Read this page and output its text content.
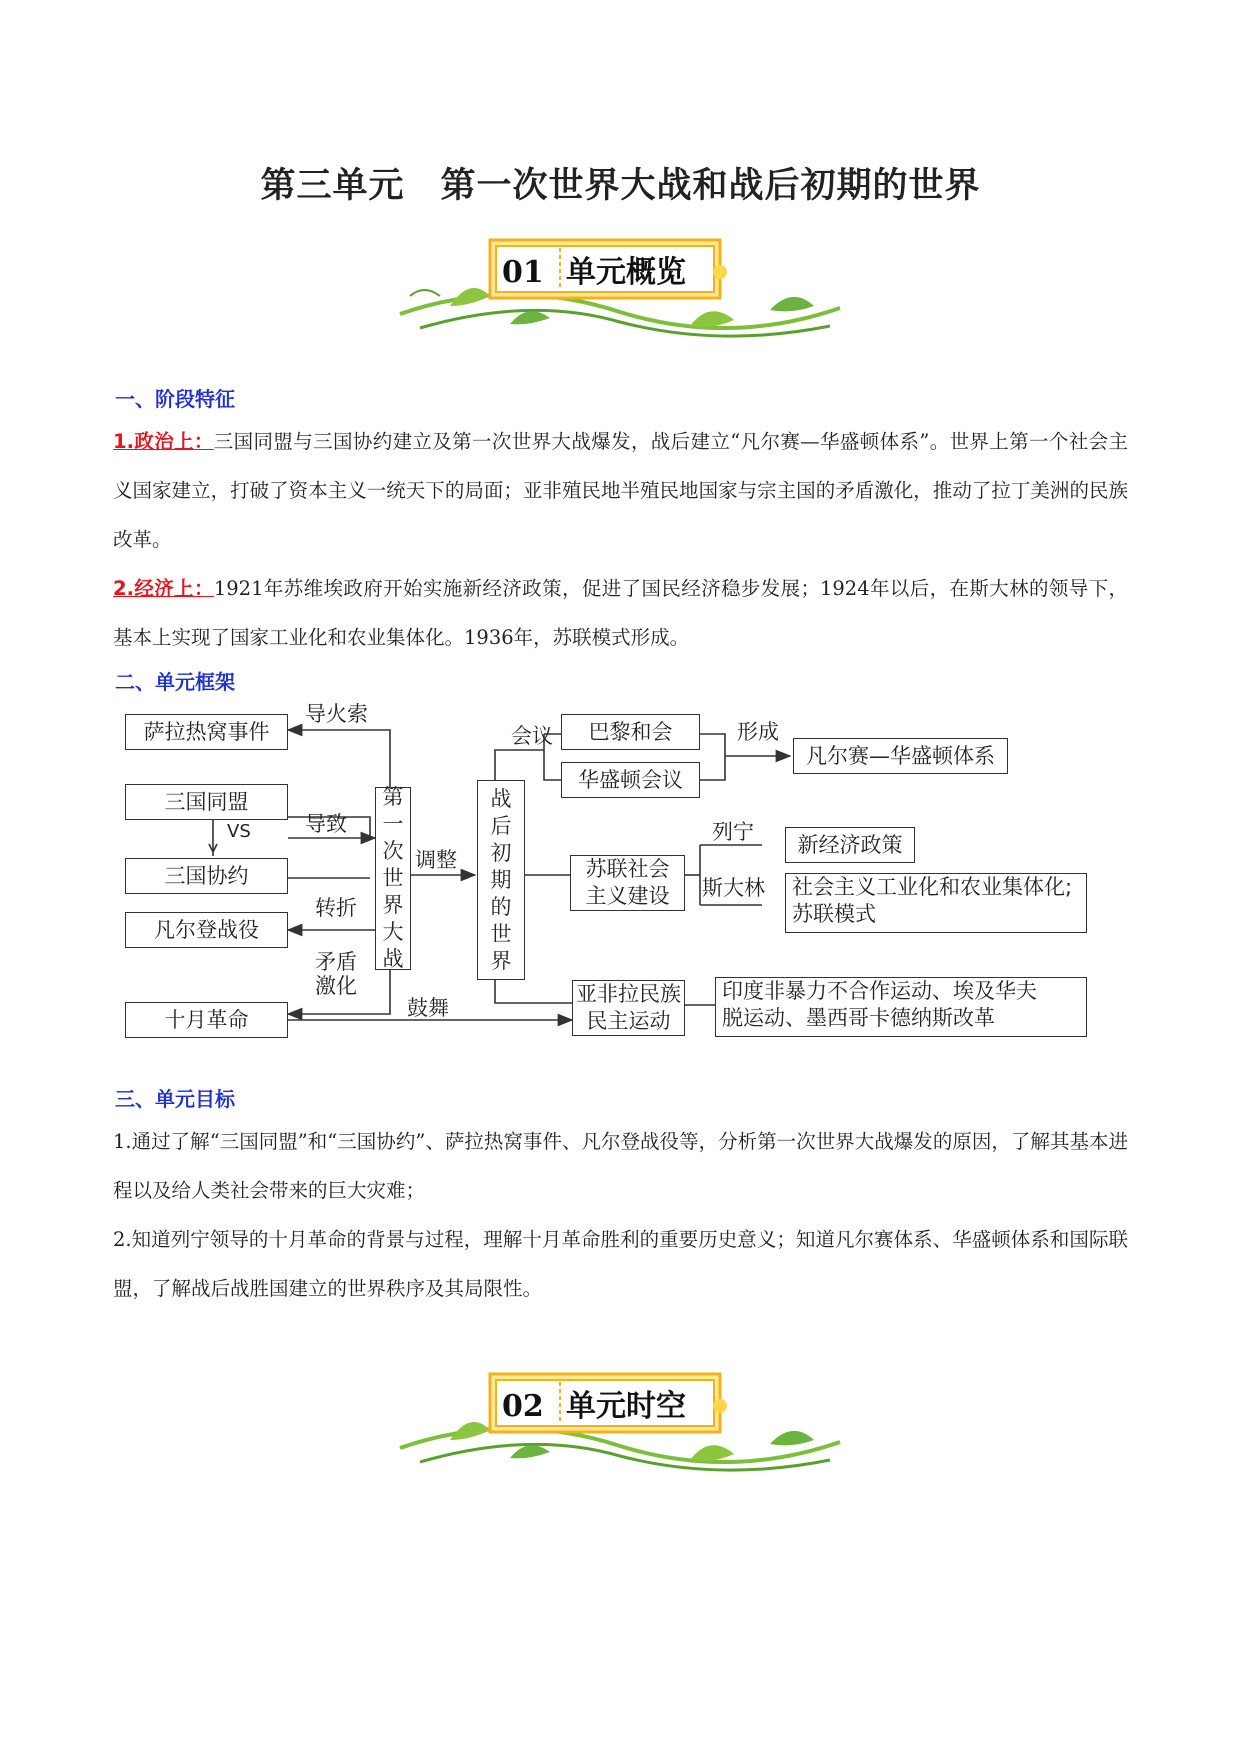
第三单元　第一次世界大战和战后初期的世界
01 单元概览
一、阶段特征
1.政治上：三国同盟与三国协约建立及第一次世界大战爆发，战后建立“凡尔赛—华盛顿体系”。世界上第一个社会主义国家建立，打破了资本主义一统天下的局面；亚非殖民地半殖民地国家与宗主国的矛盾激化，推动了拉丁美洲的民族改革。
2.经济上：1921年苏维埃政府开始实施新经济政策，促进了国民经济稳步发展；1924年以后，在斯大林的领导下，基本上实现了国家工业化和农业集体化。1936年，苏联模式形成。
二、单元框架
萨拉热窝事件
三国同盟
VS
三国协约
凡尔登战役
十月革命
第
一
次
世
界
大
战
战
后
初
期
的
世
界
巴黎和会
华盛顿会议
凡尔赛—华盛顿体系
苏联社会
主义建设
新经济政策
社会主义工业化和农业集体化;
苏联模式
亚非拉民族
民主运动
印度非暴力不合作运动、埃及华夫
脱运动、墨西哥卡德纳斯改革
导火索
导致
转折
矛盾
激化
鼓舞
调整
会议	形成
列宁
斯大林
三、单元目标
1.通过了解“三国同盟”和“三国协约”、萨拉热窝事件、凡尔登战役等，分析第一次世界大战爆发的原因，了解其基本进程以及给人类社会带来的巨大灾难；
2.知道列宁领导的十月革命的背景与过程，理解十月革命胜利的重要历史意义；知道凡尔赛体系、华盛顿体系和国际联盟，了解战后战胜国建立的世界秩序及其局限性。
02 单元时空
